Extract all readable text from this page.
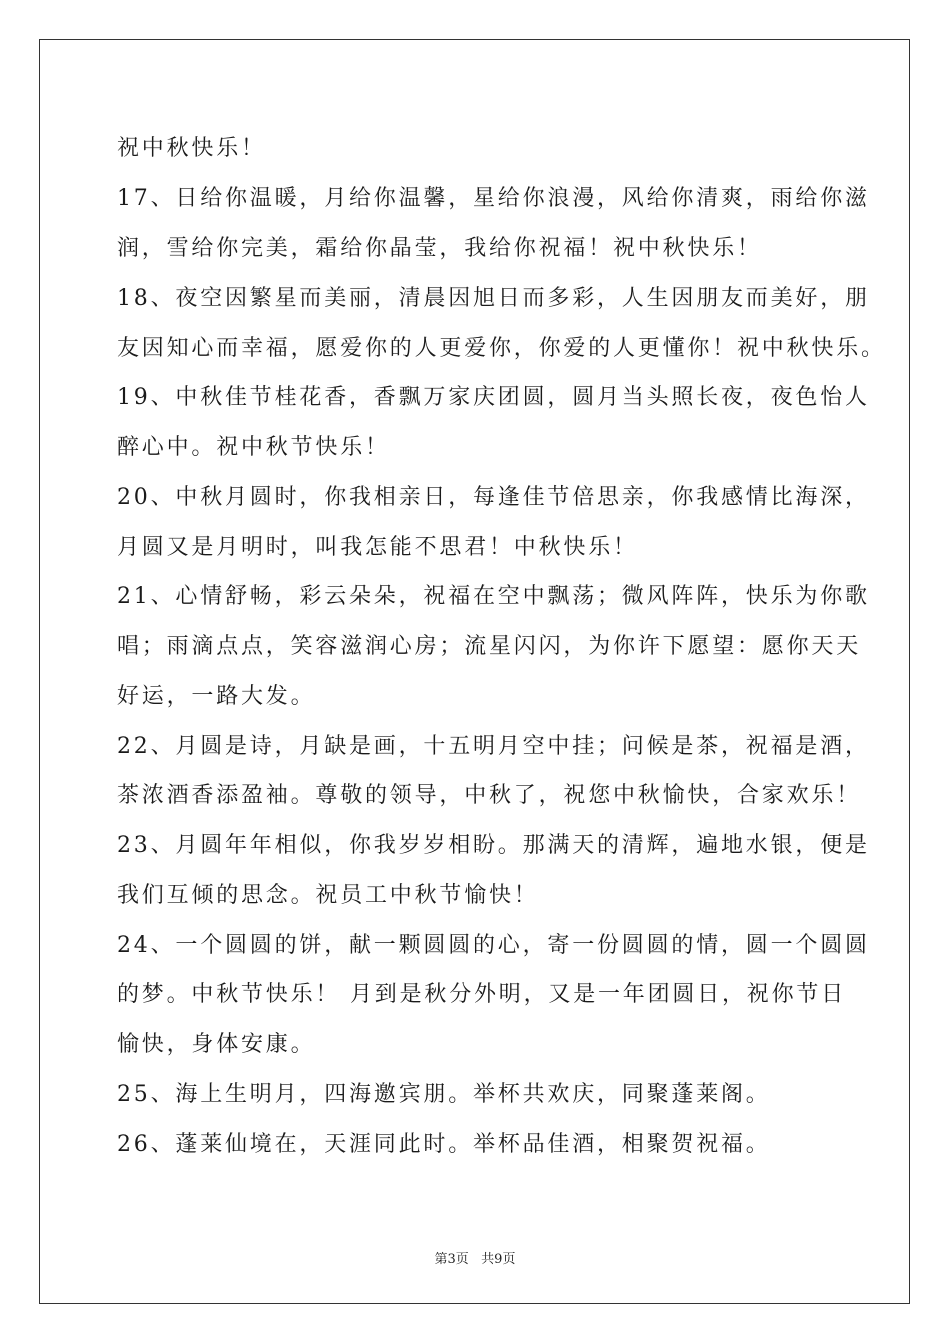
祝中秋快乐！

17、日给你温暖，月给你温馨，星给你浪漫，风给你清爽，雨给你滋

润，雪给你完美，霜给你晶莹，我给你祝福！祝中秋快乐！

18、夜空因繁星而美丽，清晨因旭日而多彩，人生因朋友而美好，朋

友因知心而幸福，愿爱你的人更爱你，你爱的人更懂你！祝中秋快乐。

19、中秋佳节桂花香，香飘万家庆团圆，圆月当头照长夜，夜色怡人

醉心中。祝中秋节快乐！

20、中秋月圆时，你我相亲日，每逢佳节倍思亲，你我感情比海深，

月圆又是月明时，叫我怎能不思君！中秋快乐！

21、心情舒畅，彩云朵朵，祝福在空中飘荡；微风阵阵，快乐为你歌

唱；雨滴点点，笑容滋润心房；流星闪闪，为你许下愿望：愿你天天

好运，一路大发。

22、月圆是诗，月缺是画，十五明月空中挂；问候是茶，祝福是酒，

茶浓酒香添盈袖。尊敬的领导，中秋了，祝您中秋愉快，合家欢乐！

23、月圆年年相似，你我岁岁相盼。那满天的清辉，遍地水银，便是

我们互倾的思念。祝员工中秋节愉快！

24、一个圆圆的饼，献一颗圆圆的心，寄一份圆圆的情，圆一个圆圆

的梦。中秋节快乐！ 月到是秋分外明，又是一年团圆日，祝你节日

愉快，身体安康。

25、海上生明月，四海邀宾朋。举杯共欢庆，同聚蓬莱阁。

26、蓬莱仙境在，天涯同此时。举杯品佳酒，相聚贺祝福。

第3页   共9页
